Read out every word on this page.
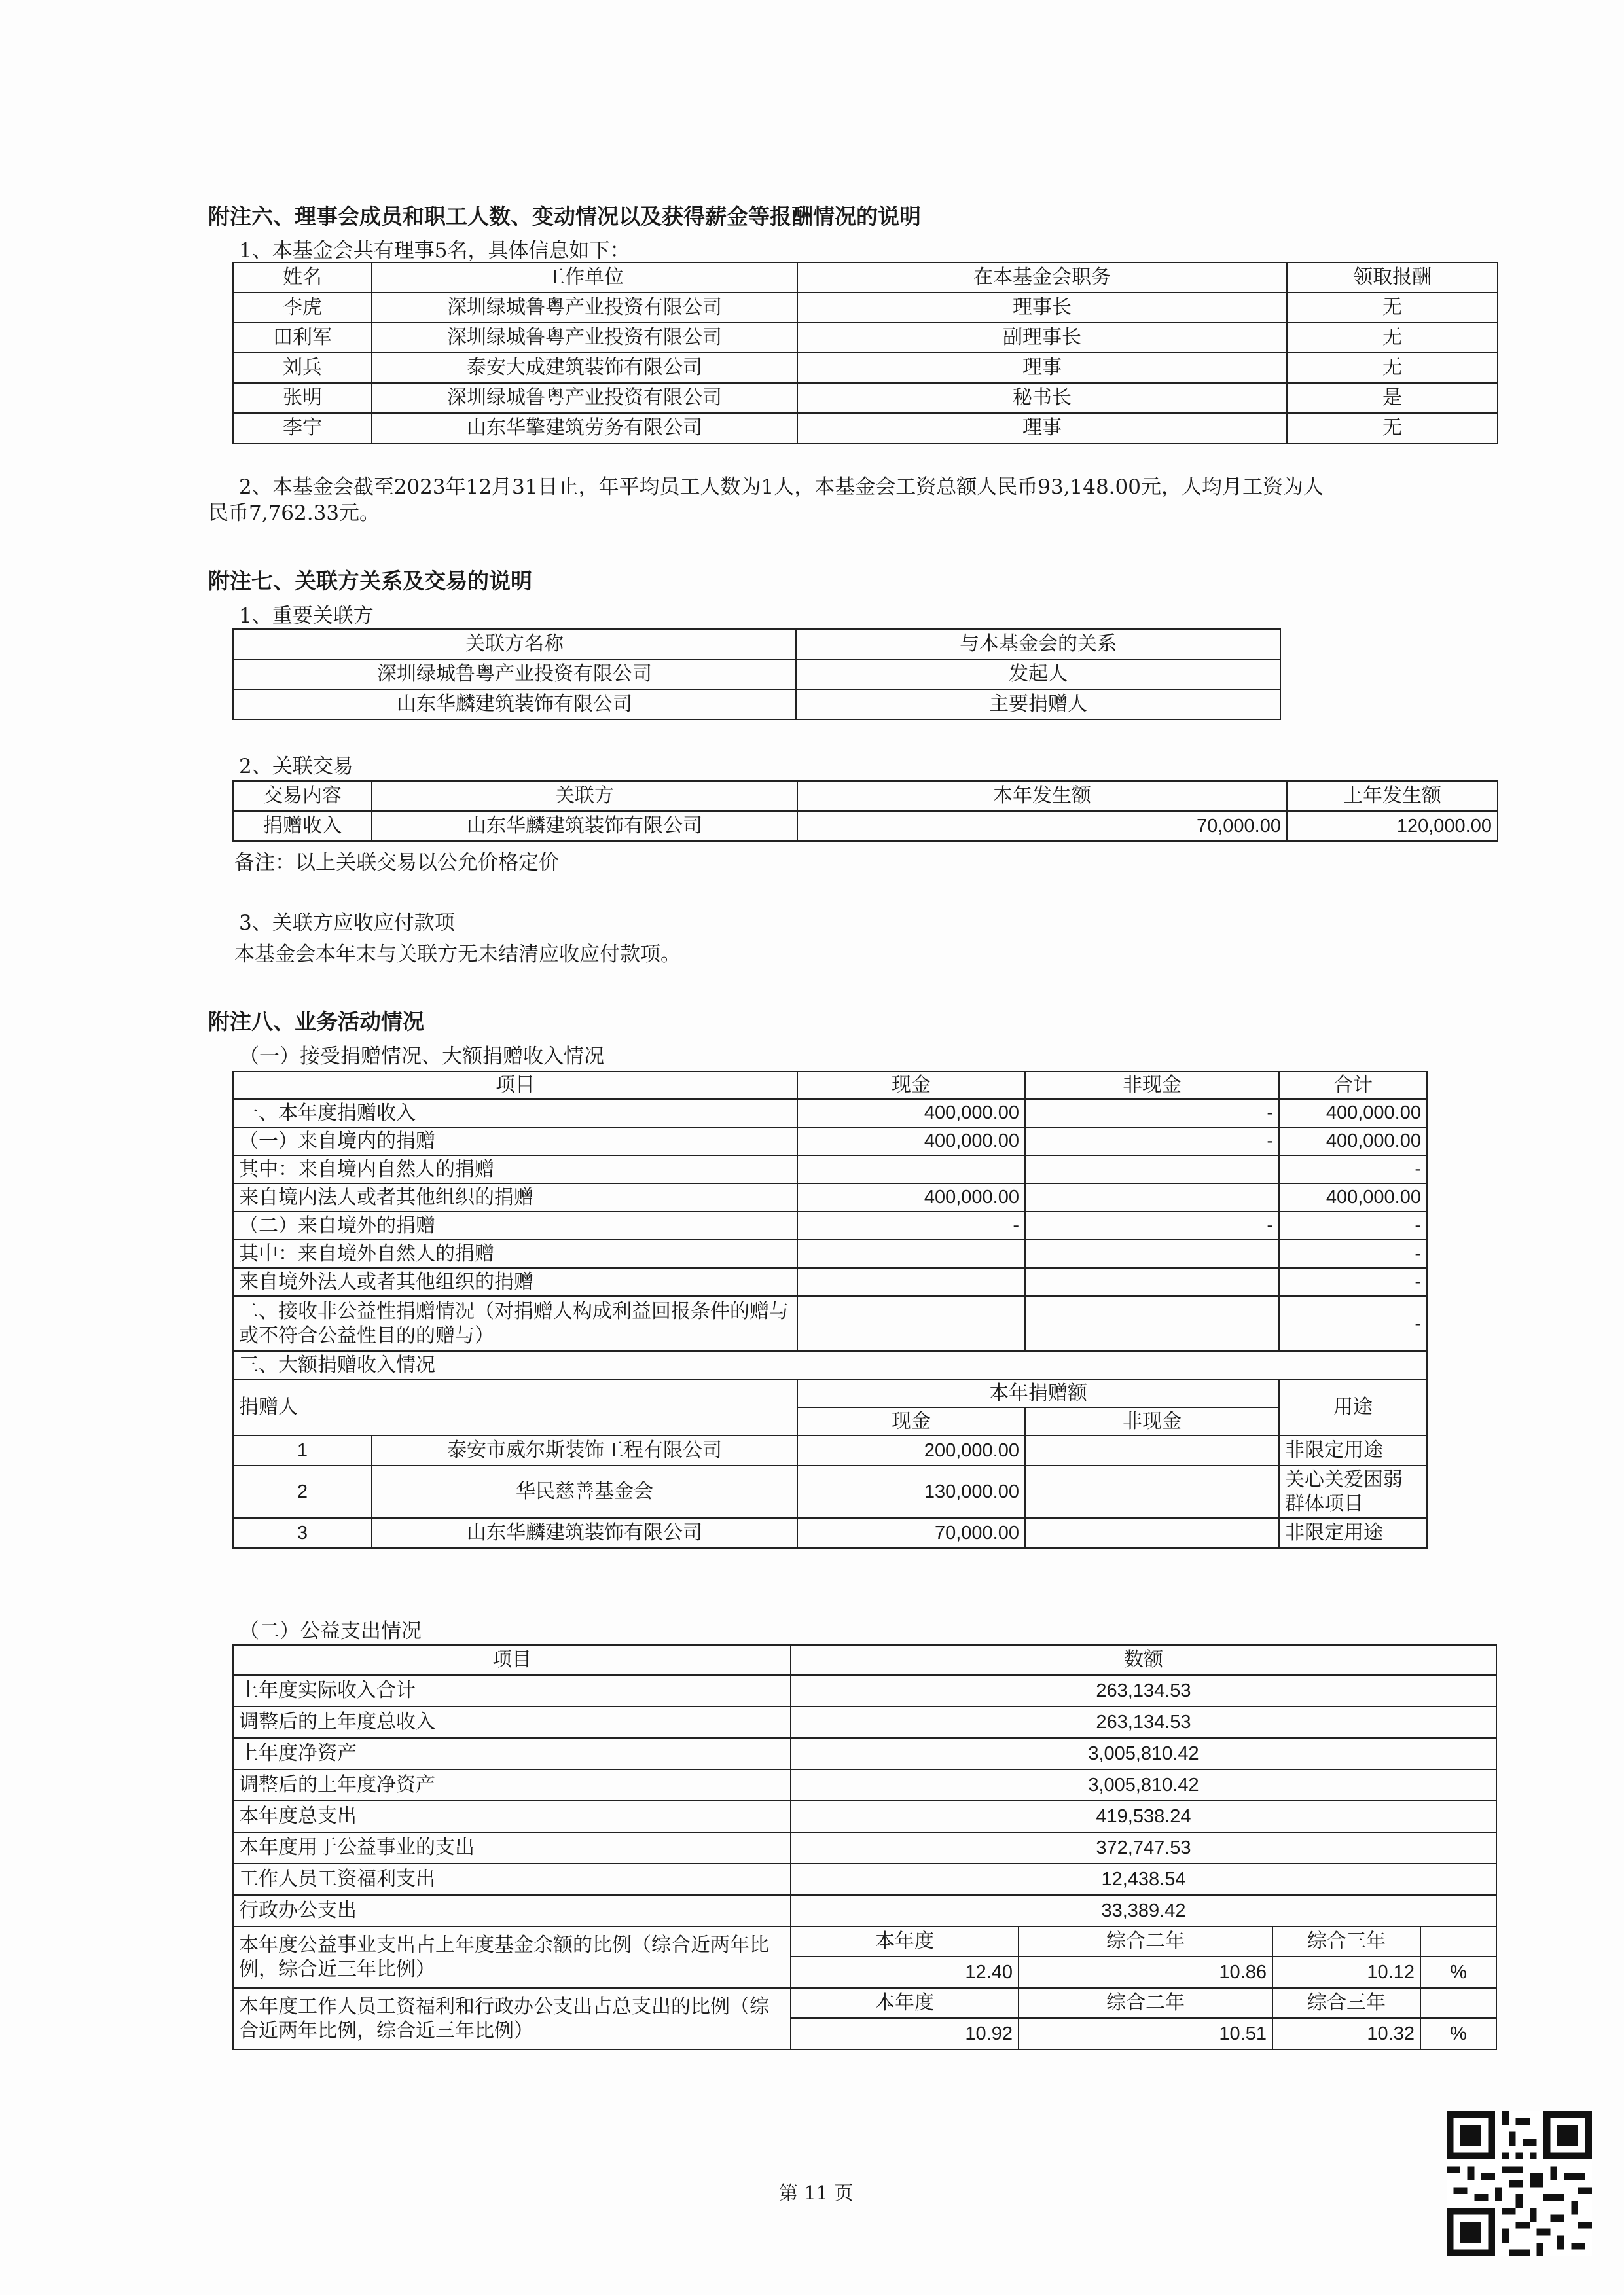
附注六、理事会成员和职工人数、变动情况以及获得薪金等报酬情况的说明
1、本基金会共有理事5名，具体信息如下：
姓名	工作单位	在本基金会职务	领取报酬
李虎	深圳绿城鲁粤产业投资有限公司	理事长	无
田利军	深圳绿城鲁粤产业投资有限公司	副理事长	无
刘兵	泰安大成建筑装饰有限公司	理事	无
张明	深圳绿城鲁粤产业投资有限公司	秘书长	是
李宁	山东华擎建筑劳务有限公司	理事	无
2、本基金会截至2023年12月31日止，年平均员工人数为1人，本基金会工资总额人民币93,148.00元，人均月工资为人
民币7,762.33元。
附注七、关联方关系及交易的说明
1、重要关联方
关联方名称	与本基金会的关系
深圳绿城鲁粤产业投资有限公司	发起人
山东华麟建筑装饰有限公司	主要捐赠人
2、关联交易
交易内容	关联方	本年发生额	上年发生额
捐赠收入	山东华麟建筑装饰有限公司	70,000.00	120,000.00
备注：以上关联交易以公允价格定价
3、关联方应收应付款项
本基金会本年末与关联方无未结清应收应付款项。
附注八、业务活动情况
（一）接受捐赠情况、大额捐赠收入情况
项目		现金	非现金	合计
一、本年度捐赠收入		400,000.00	-	400,000.00
（一）来自境内的捐赠		400,000.00	-	400,000.00
其中：来自境内自然人的捐赠				-
来自境内法人或者其他组织的捐赠		400,000.00		400,000.00
（二）来自境外的捐赠		-	-	-
其中：来自境外自然人的捐赠				-
来自境外法人或者其他组织的捐赠				-
二、接收非公益性捐赠情况（对捐赠人构成利益回报条件的赠与或不符合公益性目的的赠与）				-
三、大额捐赠收入情况				
捐赠人		本年捐赠额		用途
		现金	非现金	
1	泰安市威尔斯装饰工程有限公司	200,000.00		非限定用途
2	华民慈善基金会	130,000.00		关心关爱困弱群体项目
3	山东华麟建筑装饰有限公司	70,000.00		非限定用途
（二）公益支出情况
项目	数额			
上年度实际收入合计	263,134.53			
调整后的上年度总收入	263,134.53			
上年度净资产	3,005,810.42			
调整后的上年度净资产	3,005,810.42			
本年度总支出	419,538.24			
本年度用于公益事业的支出	372,747.53			
工作人员工资福利支出	12,438.54			
行政办公支出	33,389.42			
本年度公益事业支出占上年度基金余额的比例（综合近两年比例，综合近三年比例）	本年度	综合二年	综合三年	
	12.40	10.86	10.12	%
本年度工作人员工资福利和行政办公支出占总支出的比例（综合近两年比例，综合近三年比例）	本年度	综合二年	综合三年	
	10.92	10.51	10.32	%
第 11 页
